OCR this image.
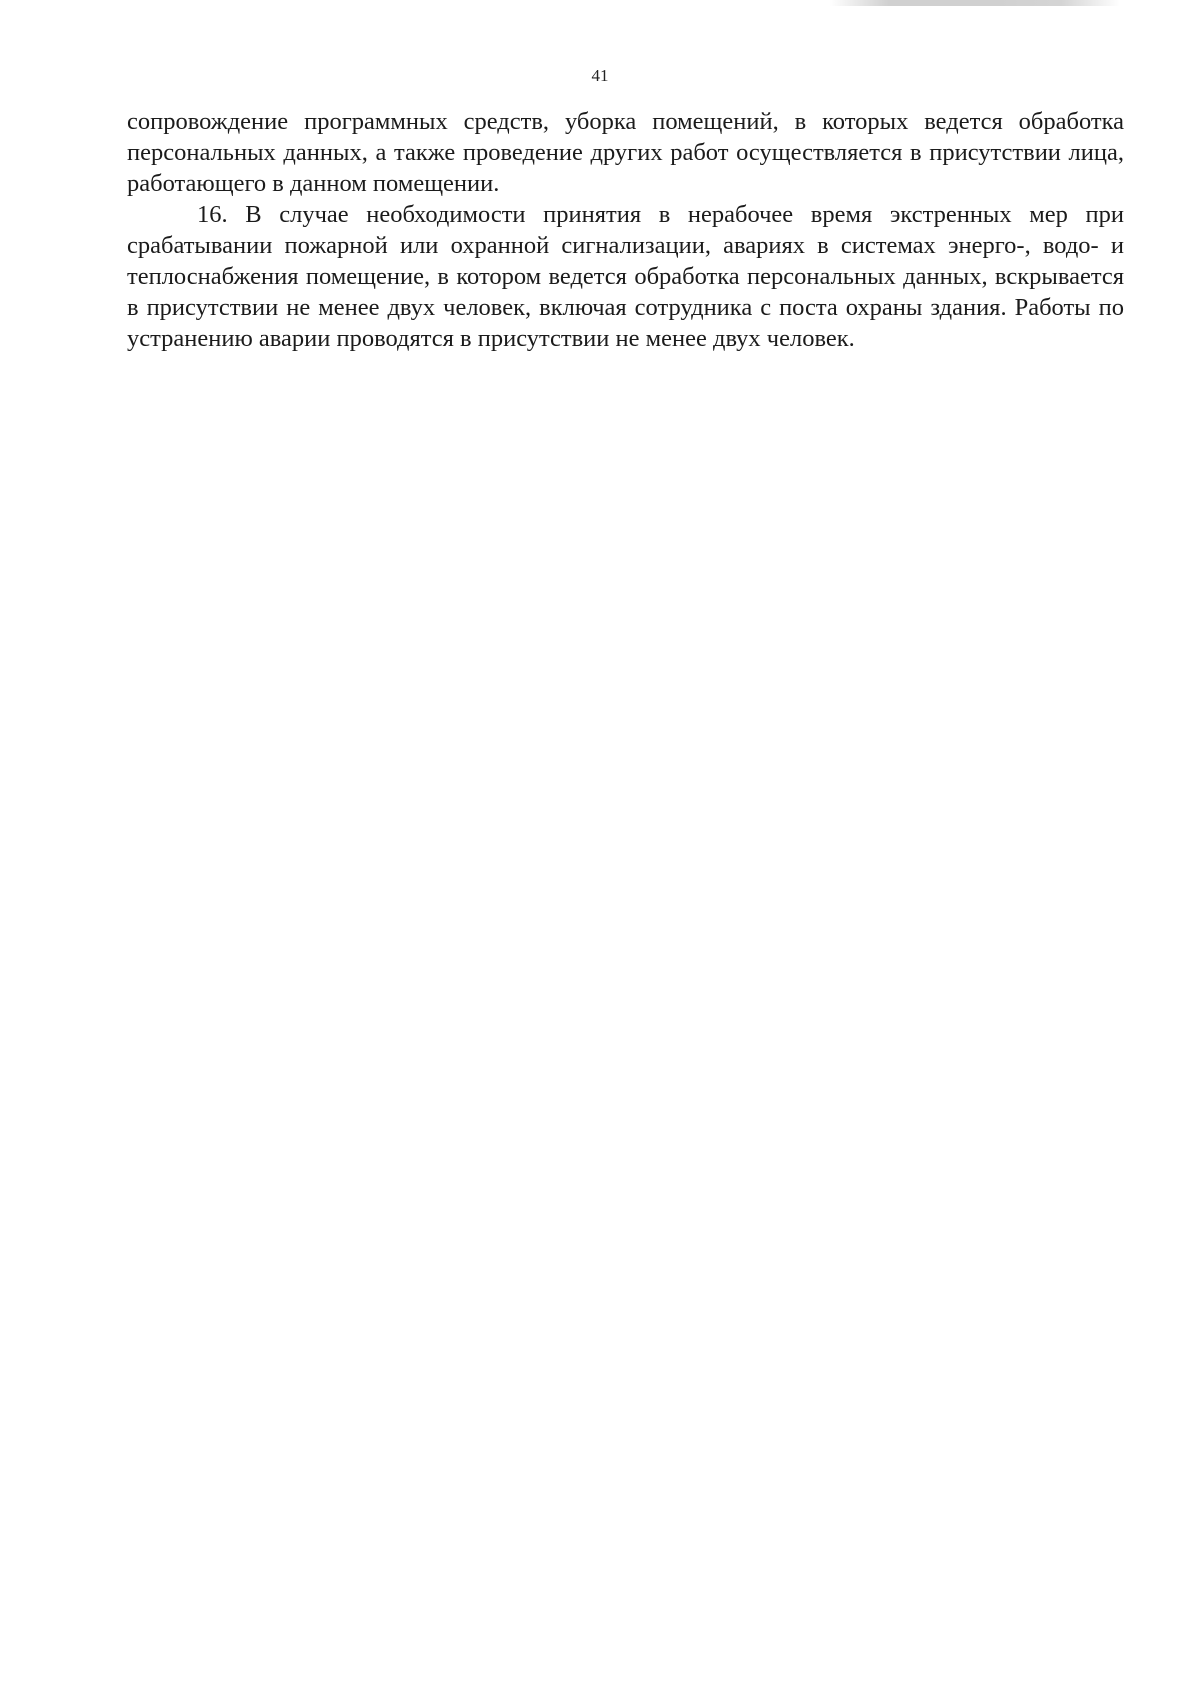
41

сопровождение программных средств, уборка помещений, в которых ведется обработка персональных данных, а также проведение других работ осуществляется в присутствии лица, работающего в данном помещении.

16. В случае необходимости принятия в нерабочее время экстренных мер при срабатывании пожарной или охранной сигнализации, авариях в системах энерго-, водо- и теплоснабжения помещение, в котором ведется обработка персональных данных, вскрывается в присутствии не менее двух человек, включая сотрудника с поста охраны здания. Работы по устранению аварии проводятся в присутствии не менее двух человек.
